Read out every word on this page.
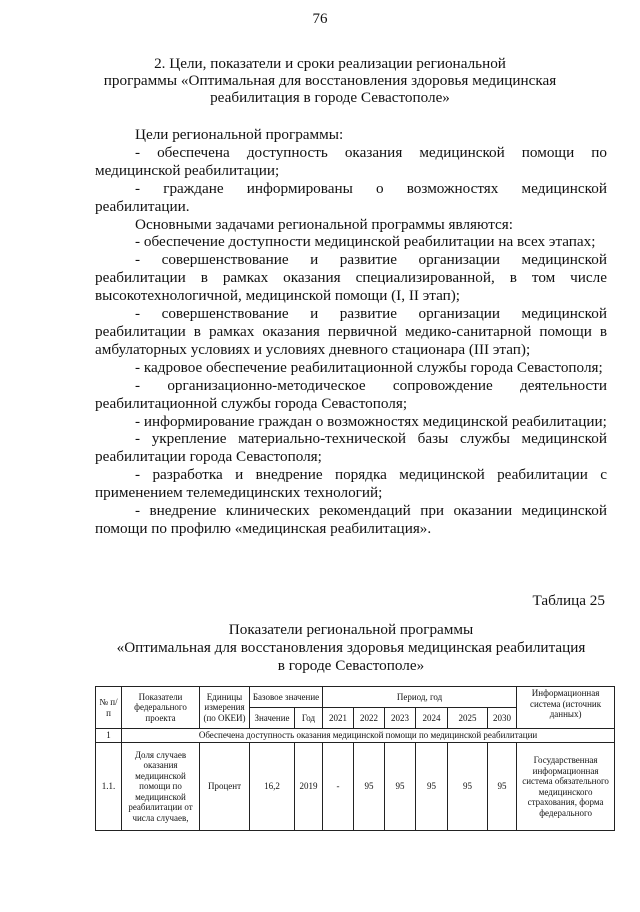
76
2. Цели, показатели и сроки реализации региональной
программы «Оптимальная для восстановления здоровья медицинская
реабилитация в городе Севастополе»
Цели региональной программы:
- обеспечена доступность оказания медицинской помощи по медицинской реабилитации;
- граждане информированы о возможностях медицинской реабилитации.
Основными задачами региональной программы являются:
- обеспечение доступности медицинской реабилитации на всех этапах;
- совершенствование и развитие организации медицинской реабилитации в рамках оказания специализированной, в том числе высокотехнологичной, медицинской помощи (I, II этап);
- совершенствование и развитие организации медицинской реабилитации в рамках оказания первичной медико-санитарной помощи в амбулаторных условиях и условиях дневного стационара (III этап);
- кадровое обеспечение реабилитационной службы города Севастополя;
- организационно-методическое сопровождение деятельности реабилитационной службы города Севастополя;
- информирование граждан о возможностях медицинской реабилитации;
- укрепление материально-технической базы службы медицинской реабилитации города Севастополя;
- разработка и внедрение порядка медицинской реабилитации с применением телемедицинских технологий;
- внедрение клинических рекомендаций при оказании медицинской помощи по профилю «медицинская реабилитация».
Таблица 25
Показатели региональной программы
«Оптимальная для восстановления здоровья медицинская реабилитация
в городе Севастополе»
№ п/п	Показатели федерального проекта	Единицы измерения (по ОКЕИ)	Базовое значение		Период, год						Информационная система (источник данных)
			Значение	Год	2021	2022	2023	2024	2025	2030	
1	Обеспечена доступность оказания медицинской помощи по медицинской реабилитации										
1.1.	Доля случаев оказания медицинской помощи по медицинской реабилитации от числа случаев,	Процент	16,2	2019	-	95	95	95	95	95	Государственная информационная система обязательного медицинского страхования, форма федерального
